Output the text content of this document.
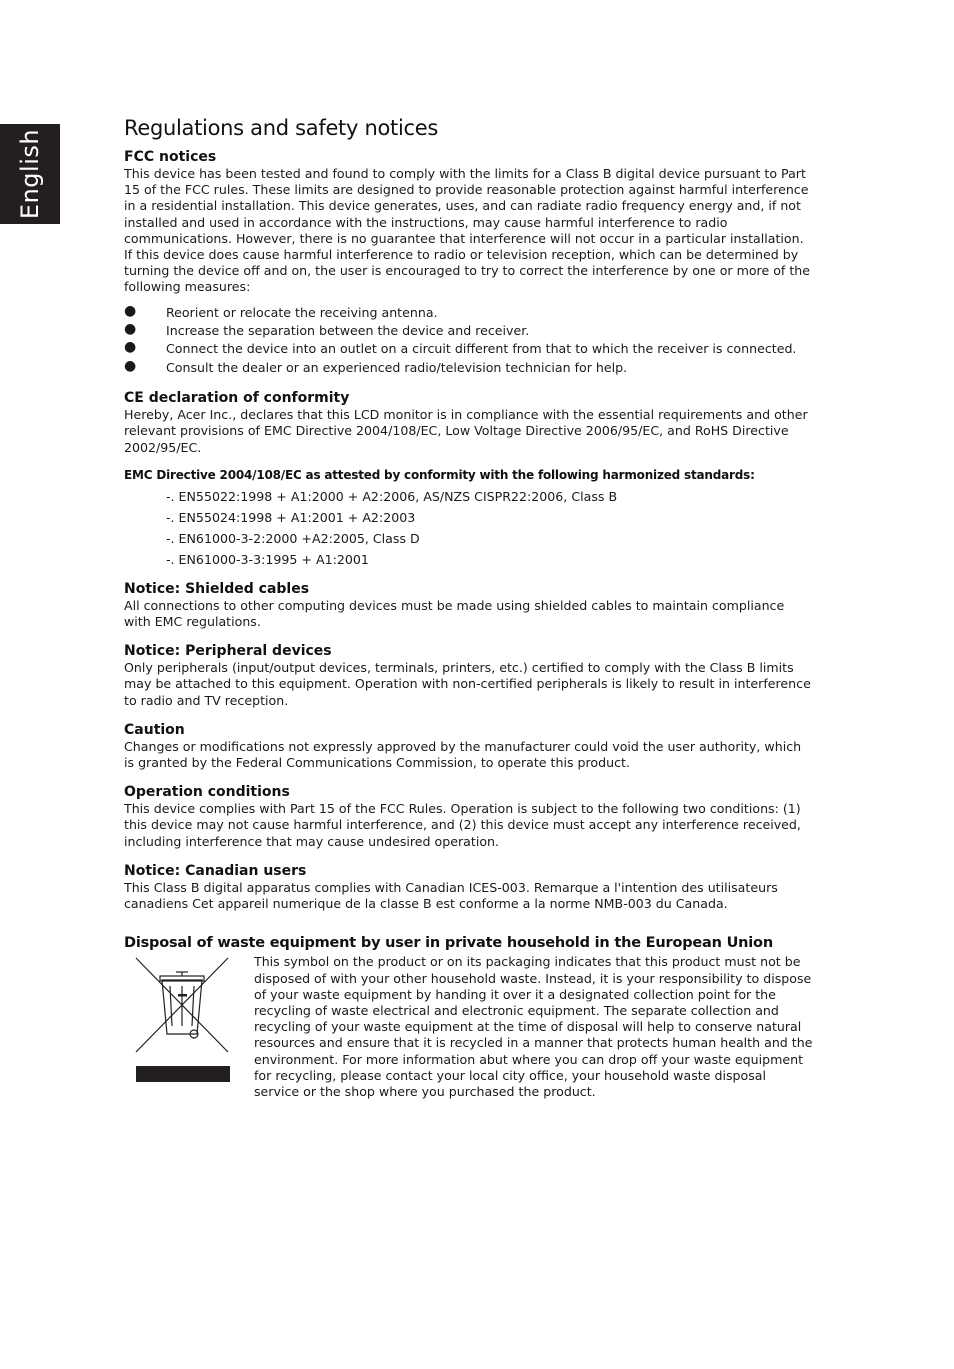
English
Regulations and safety notices
FCC notices

This device has been tested and found to comply with the limits for a Class B digital device pursuant to Part 15 of the FCC rules. These limits are designed to provide reasonable protection against harmful interference in a residential installation. This device generates, uses, and can radiate radio frequency energy and, if not installed and used in accordance with the instructions, may cause harmful interference to radio communications. However, there is no guarantee that interference will not occur in a particular installation. If this device does cause harmful interference to radio or television reception, which can be determined by turning the device off and on, the user is encouraged to try to correct the interference by one or more of the following measures:

● Reorient or relocate the receiving antenna.
● Increase the separation between the device and receiver.
● Connect the device into an outlet on a circuit different from that to which the receiver is connected.
● Consult the dealer or an experienced radio/television technician for help.
CE declaration of conformity

Hereby, Acer Inc., declares that this LCD monitor is in compliance with the essential requirements and other relevant provisions of EMC Directive 2004/108/EC, Low Voltage Directive 2006/95/EC, and RoHS Directive 2002/95/EC.

EMC Directive 2004/108/EC as attested by conformity with the following harmonized standards:
-. EN55022:1998 + A1:2000 + A2:2006, AS/NZS CISPR22:2006, Class B
-. EN55024:1998 + A1:2001 + A2:2003
-. EN61000-3-2:2000 +A2:2005, Class D
-. EN61000-3-3:1995 + A1:2001
Notice: Shielded cables

All connections to other computing devices must be made using shielded cables to maintain compliance with EMC regulations.

Notice: Peripheral devices

Only peripherals (input/output devices, terminals, printers, etc.) certified to comply with the Class B limits may be attached to this equipment. Operation with non-certified peripherals is likely to result in interference to radio and TV reception.

Caution

Changes or modifications not expressly approved by the manufacturer could void the user authority, which is granted by the Federal Communications Commission, to operate this product.

Operation conditions

This device complies with Part 15 of the FCC Rules. Operation is subject to the following two conditions: (1) this device may not cause harmful interference, and (2) this device must accept any interference received, including interference that may cause undesired operation.

Notice: Canadian users

This Class B digital apparatus complies with Canadian ICES-003. Remarque a l'intention des utilisateurs canadiens Cet appareil numerique de la classe B est conforme a la norme NMB-003 du Canada.

Disposal of waste equipment by user in private household in the European Union

This symbol on the product or on its packaging indicates that this product must not be disposed of with your other household waste. Instead, it is your responsibility to dispose of your waste equipment by handing it over it a designated collection point for the recycling of waste electrical and electronic equipment. The separate collection and recycling of your waste equipment at the time of disposal will help to conserve natural resources and ensure that it is recycled in a manner that protects human health and the environment. For more information abut where you can drop off your waste equipment for recycling, please contact your local city office, your household waste disposal service or the shop where you purchased the product.
